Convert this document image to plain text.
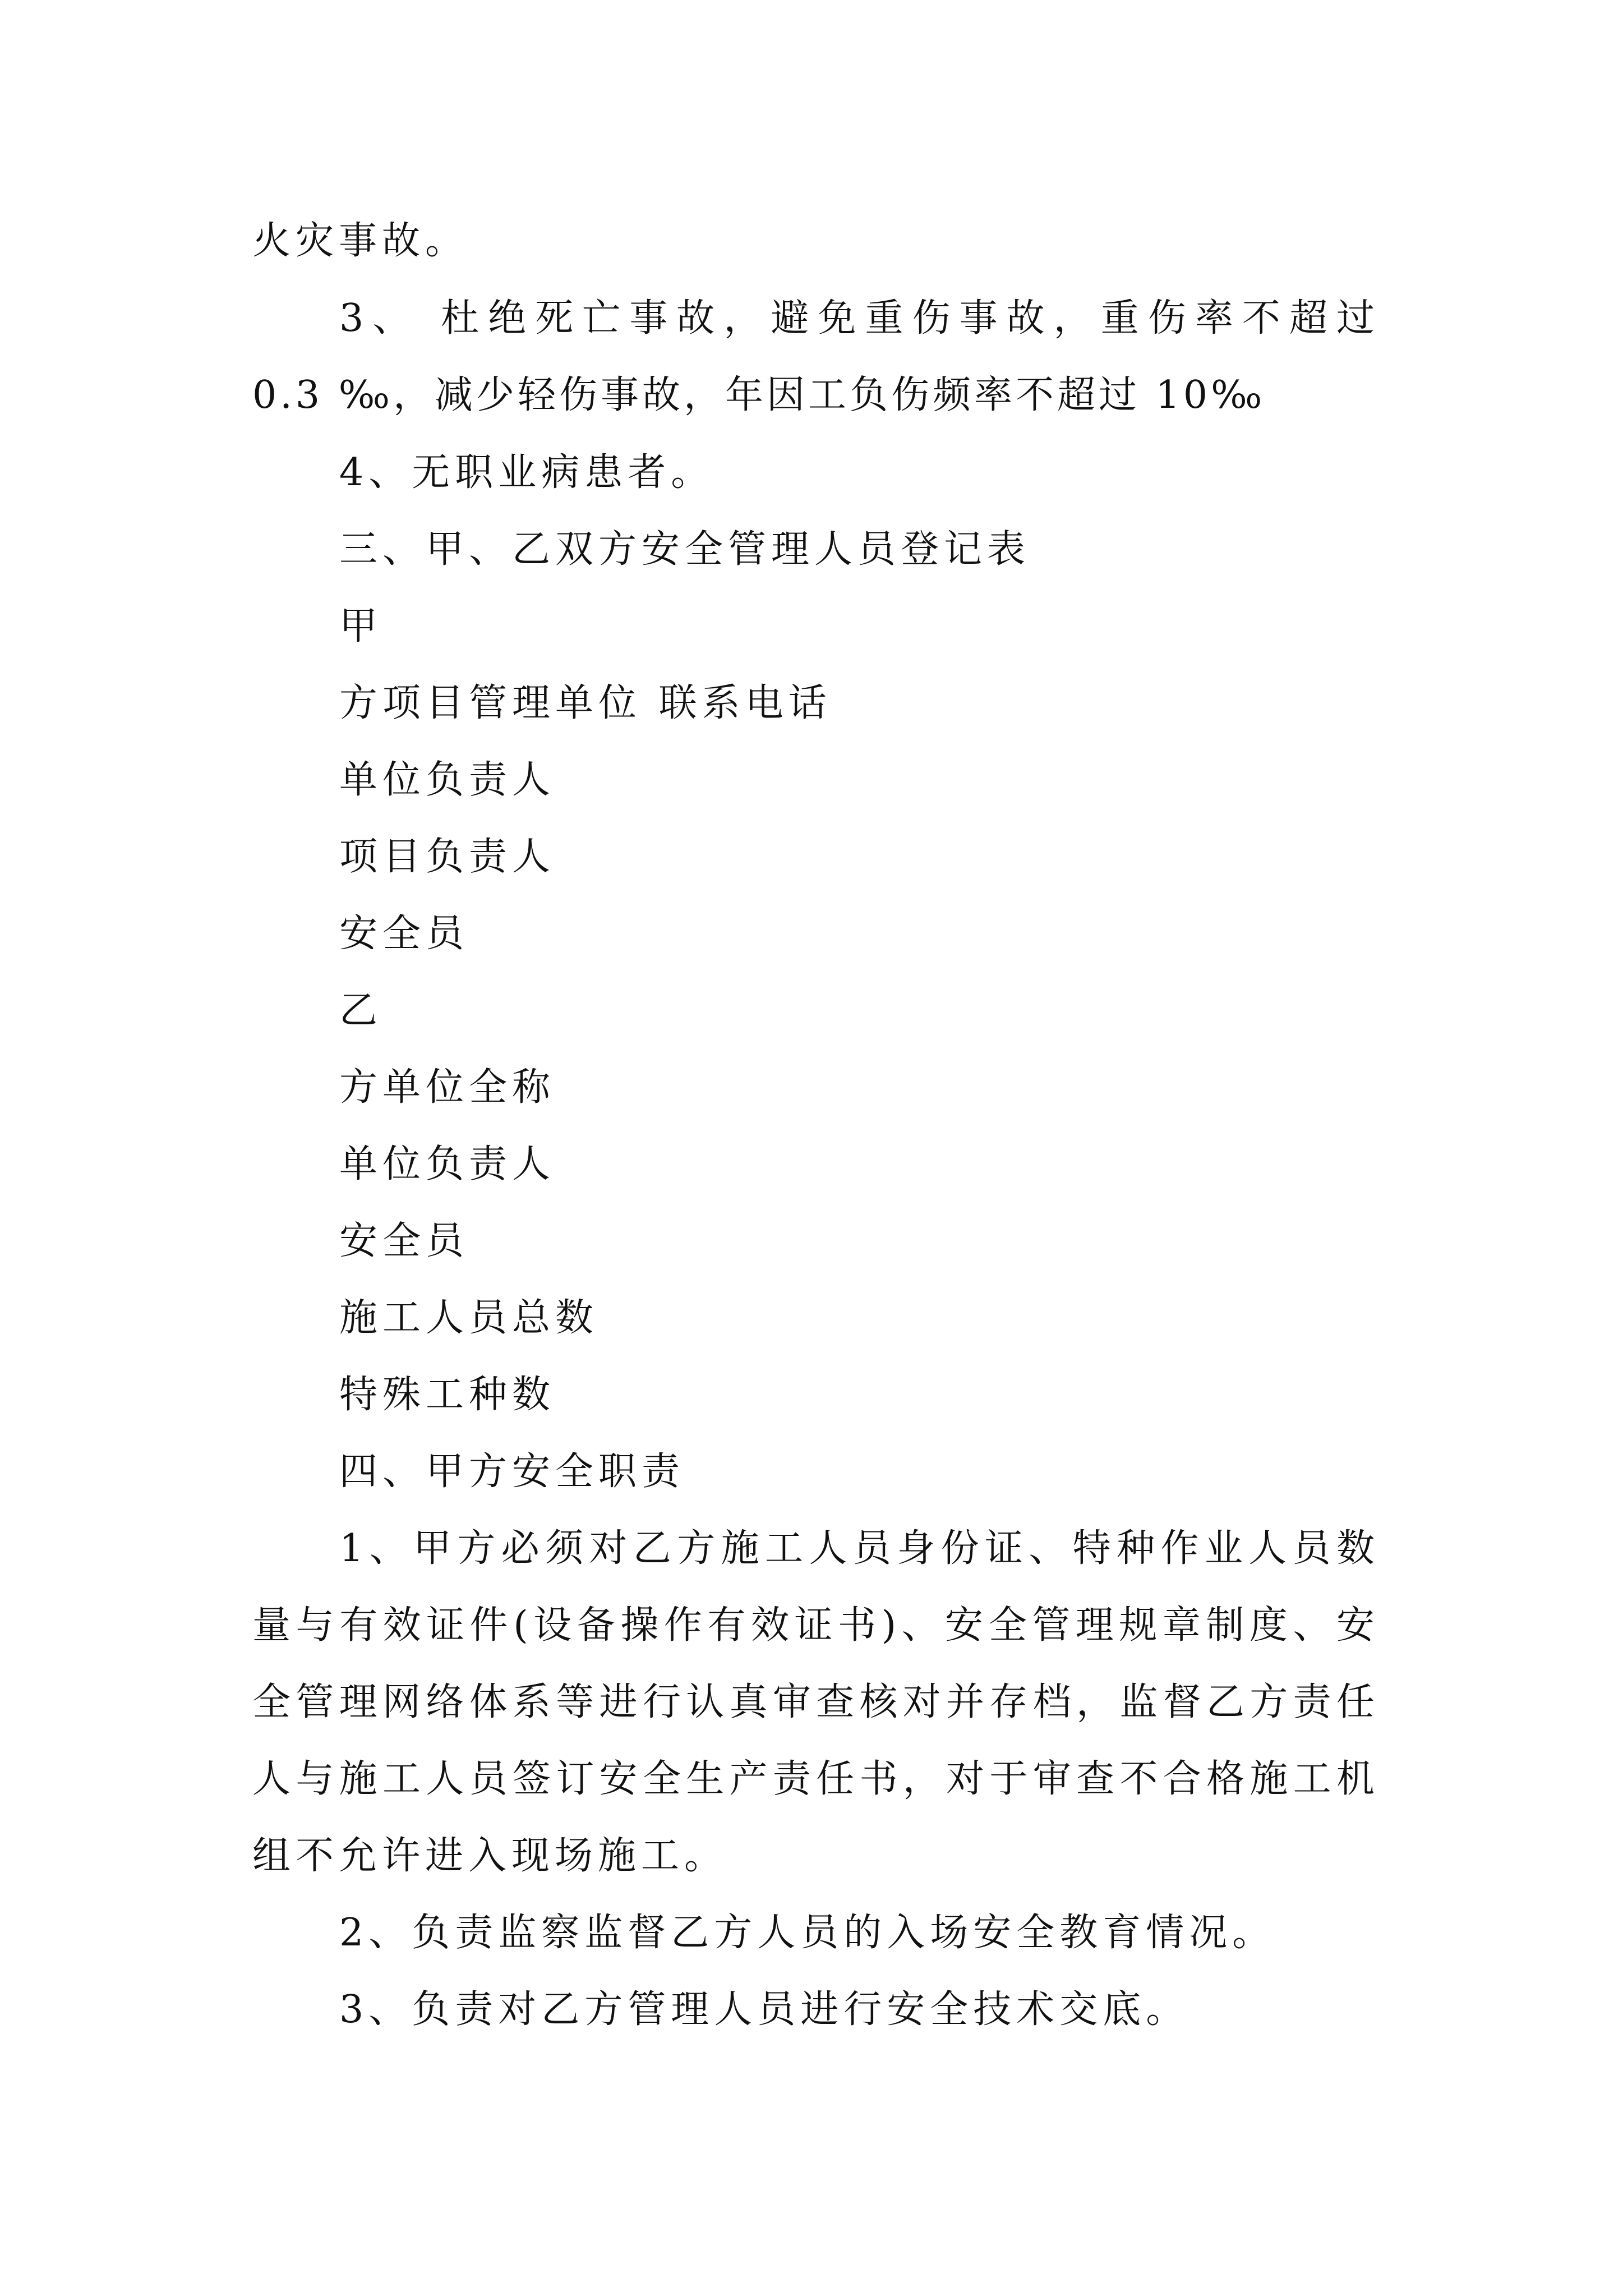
火灾事故。
3、 杜绝死亡事故，避免重伤事故，重伤率不超过
0.3 ‰，减少轻伤事故，年因工负伤频率不超过 10‰
4、无职业病患者。
三、甲、乙双方安全管理人员登记表
甲
方项目管理单位 联系电话
单位负责人
项目负责人
安全员
乙
方单位全称
单位负责人
安全员
施工人员总数
特殊工种数
四、甲方安全职责
1、甲方必须对乙方施工人员身份证、特种作业人员数
量与有效证件(设备操作有效证书)、安全管理规章制度、安
全管理网络体系等进行认真审查核对并存档，监督乙方责任
人与施工人员签订安全生产责任书，对于审查不合格施工机
组不允许进入现场施工。
2、负责监察监督乙方人员的入场安全教育情况。
3、负责对乙方管理人员进行安全技术交底。
